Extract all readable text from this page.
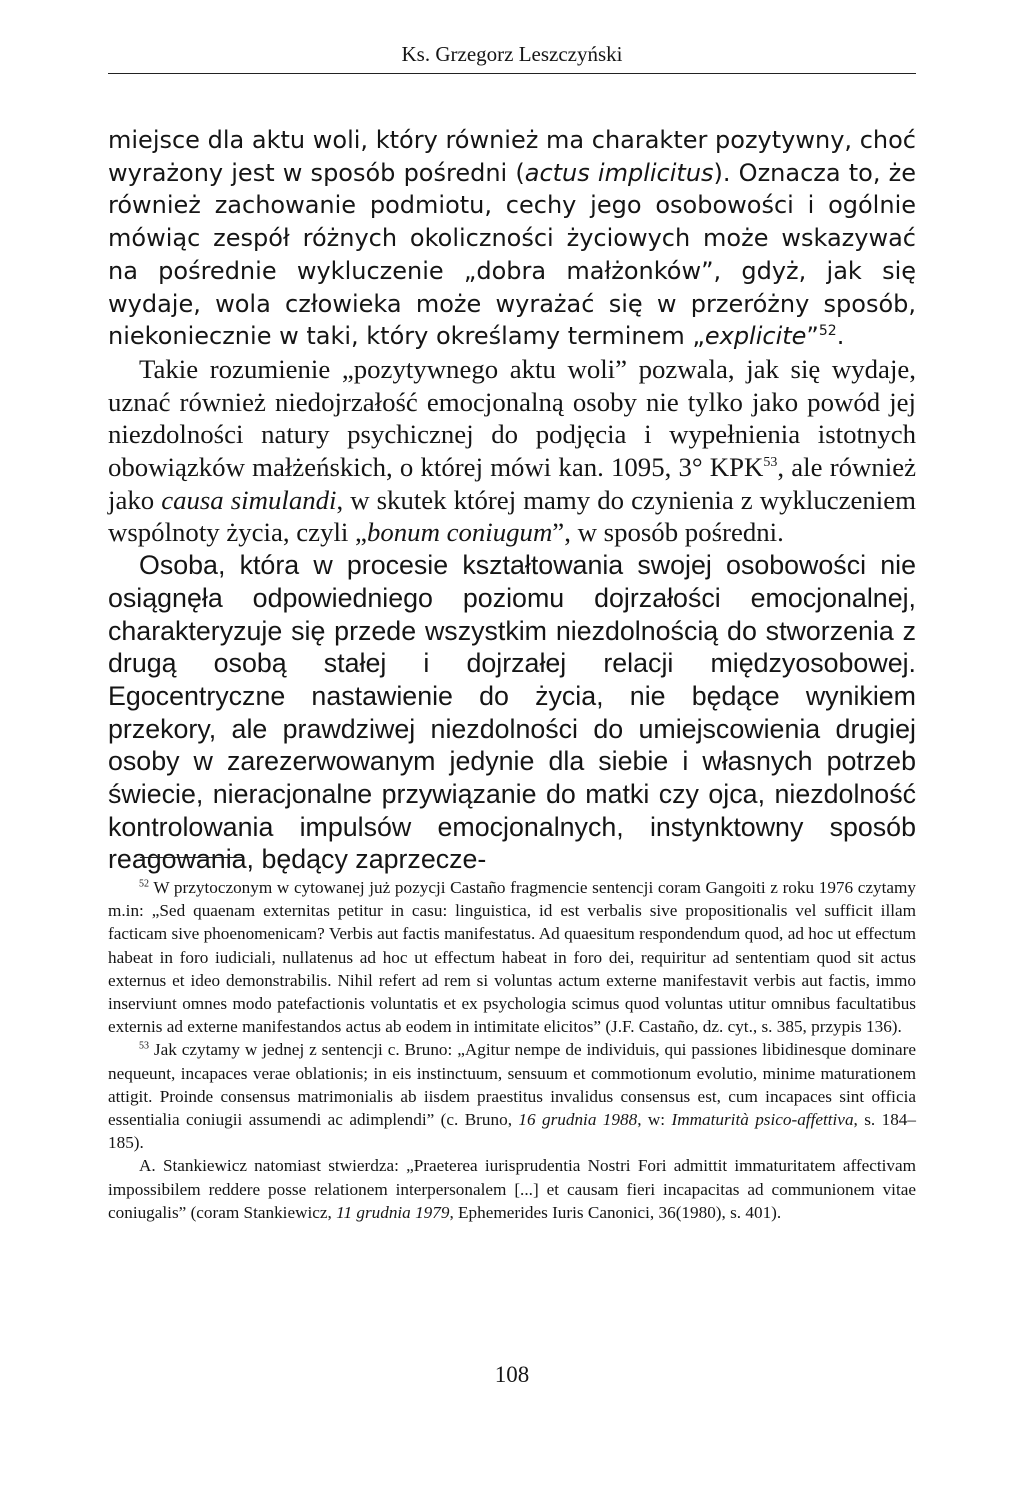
Ks. Grzegorz Leszczyński

miejsce dla aktu woli, który również ma charakter pozytywny, choć wyrażony jest w sposób pośredni (actus implicitus). Oznacza to, że również zachowanie podmiotu, cechy jego osobowości i ogólnie mówiąc zespół różnych okoliczności życiowych może wskazywać na pośrednie wykluczenie „dobra małżonków”, gdyż, jak się wydaje, wola człowieka może wyrażać się w przeróżny sposób, niekoniecznie w taki, który określamy terminem „explicite”$^{52}$.

Takie rozumienie „pozytywnego aktu woli” pozwala, jak się wydaje, uznać również niedojrzałość emocjonalną osoby nie tylko jako powód jej niezdolności natury psychicznej do podjęcia i wypełnienia istotnych obowiązków małżeńskich, o której mówi kan. 1095, 3° KPK$^{53}$, ale również jako causa simulandi, w skutek której mamy do czynienia z wykluczeniem wspólnoty życia, czyli „bonum coniugum”, w sposób pośredni.

Osoba, która w procesie kształtowania swojej osobowości nie osiągnęła odpowiedniego poziomu dojrzałości emocjonalnej, charakteryzuje się przede wszystkim niezdolnością do stworzenia z drugą osobą stałej i dojrzałej relacji międzyosobowej. Egocentryczne nastawienie do życia, nie będące wynikiem przekory, ale prawdziwej niezdolności do umiejscowienia drugiej osoby w zarezerwowanym jedynie dla siebie i własnych potrzeb świecie, nieracjonalne przywiązanie do matki czy ojca, niezdolność kontrolowania impulsów emocjonalnych, instynktowny sposób reagowania, będący zaprzecze-

$^{52}$ W przytoczonym w cytowanej już pozycji Castaño fragmencie sentencji coram Gangoiti z roku 1976 czytamy m.in: „Sed quaenam externitas petitur in casu: linguistica, id est verbalis sive propositionalis vel sufficit illam facticam sive phoenomenicam? Verbis aut factis manifestatus. Ad quaesitum respondendum quod, ad hoc ut effectum habeat in foro iudiciali, nullatenus ad hoc ut effectum habeat in foro dei, requiritur ad sententiam quod sit actus externus et ideo demonstrabilis. Nihil refert ad rem si voluntas actum externe manifestavit verbis aut factis, immo inserviunt omnes modo patefactionis voluntatis et ex psychologia scimus quod voluntas utitur omnibus facultatibus externis ad externe manifestandos actus ab eodem in intimitate elicitos” (J.F. Castaño, dz. cyt., s. 385, przypis 136).

$^{53}$ Jak czytamy w jednej z sentencji c. Bruno: „Agitur nempe de individuis, qui passiones libidinesque dominare nequeunt, incapaces verae oblationis; in eis instinctuum, sensuum et commotionum evolutio, minime maturationem attigit. Proinde consensus matrimonialis ab iisdem praestitus invalidus consensus est, cum incapaces sint officia essentialia coniugii assumendi ac adimplendi” (c. Bruno, 16 grudnia 1988, w: Immaturità psico-affettiva, s. 184–185).

A. Stankiewicz natomiast stwierdza: „Praeterea iurisprudentia Nostri Fori admittit immaturitatem affectivam impossibilem reddere posse relationem interpersonalem [...] et causam fieri incapacitas ad communionem vitae coniugalis” (coram Stankiewicz, 11 grudnia 1979, Ephemerides Iuris Canonici, 36(1980), s. 401).

108
